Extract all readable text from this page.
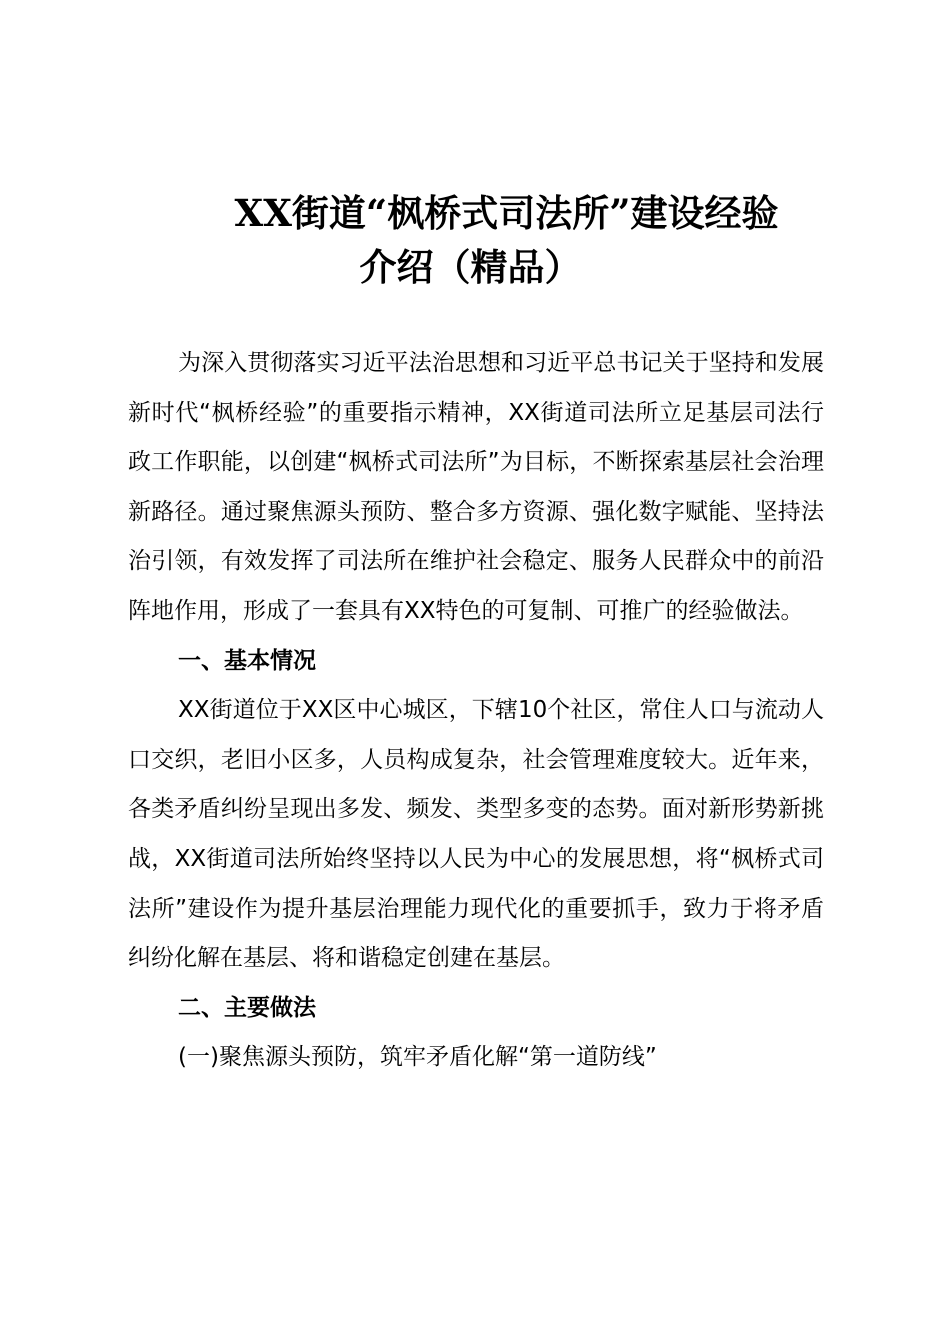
XX街道“枫桥式司法所”建设经验
介绍（精品）

为深入贯彻落实习近平法治思想和习近平总书记关于坚持和发展新时代“枫桥经验”的重要指示精神，XX街道司法所立足基层司法行政工作职能，以创建“枫桥式司法所”为目标，不断探索基层社会治理新路径。通过聚焦源头预防、整合多方资源、强化数字赋能、坚持法治引领，有效发挥了司法所在维护社会稳定、服务人民群众中的前沿阵地作用，形成了一套具有XX特色的可复制、可推广的经验做法。

一、基本情况

XX街道位于XX区中心城区，下辖10个社区，常住人口与流动人口交织，老旧小区多，人员构成复杂，社会管理难度较大。近年来，各类矛盾纠纷呈现出多发、频发、类型多变的态势。面对新形势新挑战，XX街道司法所始终坚持以人民为中心的发展思想，将“枫桥式司法所”建设作为提升基层治理能力现代化的重要抓手，致力于将矛盾纠纷化解在基层、将和谐稳定创建在基层。

二、主要做法

(一)聚焦源头预防，筑牢矛盾化解“第一道防线”
